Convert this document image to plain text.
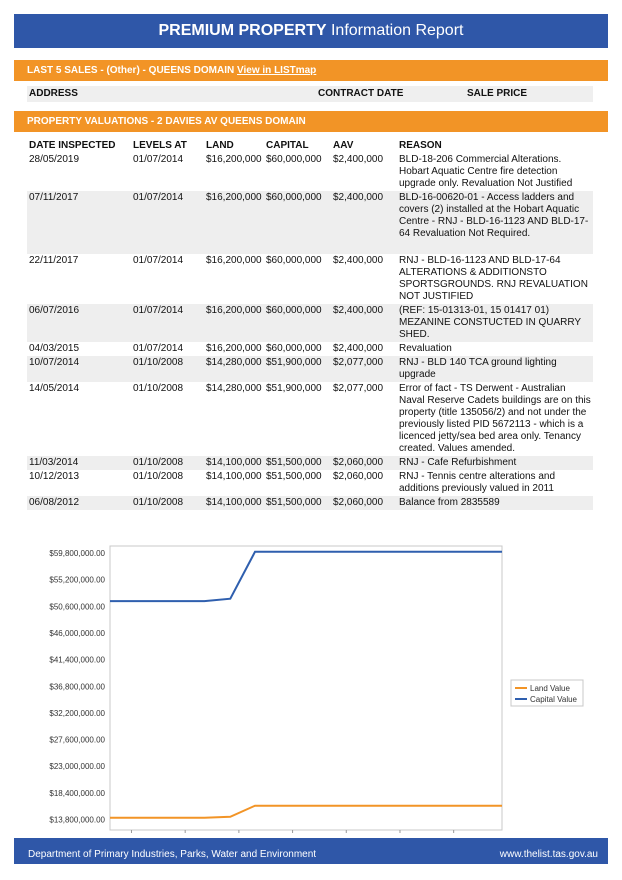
PREMIUM PROPERTY Information Report
LAST 5 SALES - (Other) - QUEENS DOMAIN View in LISTmap
ADDRESS	CONTRACT DATE	SALE PRICE
PROPERTY VALUATIONS - 2 DAVIES AV QUEENS DOMAIN
DATE INSPECTED	LEVELS AT	LAND	CAPITAL	AAV	REASON
28/05/2019	01/07/2014	$16,200,000	$60,000,000	$2,400,000	BLD-18-206 Commercial Alterations. Hobart Aquatic Centre fire detection upgrade only. Revaluation Not Justified
07/11/2017	01/07/2014	$16,200,000	$60,000,000	$2,400,000	BLD-16-00620-01 - Access ladders and covers (2) installed at the Hobart Aquatic Centre - RNJ - BLD-16-1123 AND BLD-17-64 Revaluation Not Required.
22/11/2017	01/07/2014	$16,200,000	$60,000,000	$2,400,000	RNJ - BLD-16-1123 AND BLD-17-64 ALTERATIONS & ADDITIONSTO SPORTSGROUNDS. RNJ REVALUATION NOT JUSTIFIED
06/07/2016	01/07/2014	$16,200,000	$60,000,000	$2,400,000	(REF: 15-01313-01, 15 01417 01) MEZANINE CONSTUCTED IN QUARRY SHED.
04/03/2015	01/07/2014	$16,200,000	$60,000,000	$2,400,000	Revaluation
10/07/2014	01/10/2008	$14,280,000	$51,900,000	$2,077,000	RNJ - BLD 140 TCA ground lighting upgrade
14/05/2014	01/10/2008	$14,280,000	$51,900,000	$2,077,000	Error of fact - TS Derwent - Australian Naval Reserve Cadets buildings are on this property (title 135056/2) and not under the previously listed PID 5672113 - which is a licenced jetty/sea bed area only. Tenancy created. Values amended.
11/03/2014	01/10/2008	$14,100,000	$51,500,000	$2,060,000	RNJ - Cafe Refurbishment
10/12/2013	01/10/2008	$14,100,000	$51,500,000	$2,060,000	RNJ - Tennis centre alterations and additions previously valued in 2011
06/08/2012	01/10/2008	$14,100,000	$51,500,000	$2,060,000	Balance from 2835589
$13,800,000.00
$18,400,000.00
$23,000,000.00
$27,600,000.00
$32,200,000.00
$36,800,000.00
$41,400,000.00
$46,000,000.00
$50,600,000.00
$55,200,000.00
$59,800,000.00
Land Value
Capital Value
Department of Primary Industries, Parks, Water and Environment	www.thelist.tas.gov.au
